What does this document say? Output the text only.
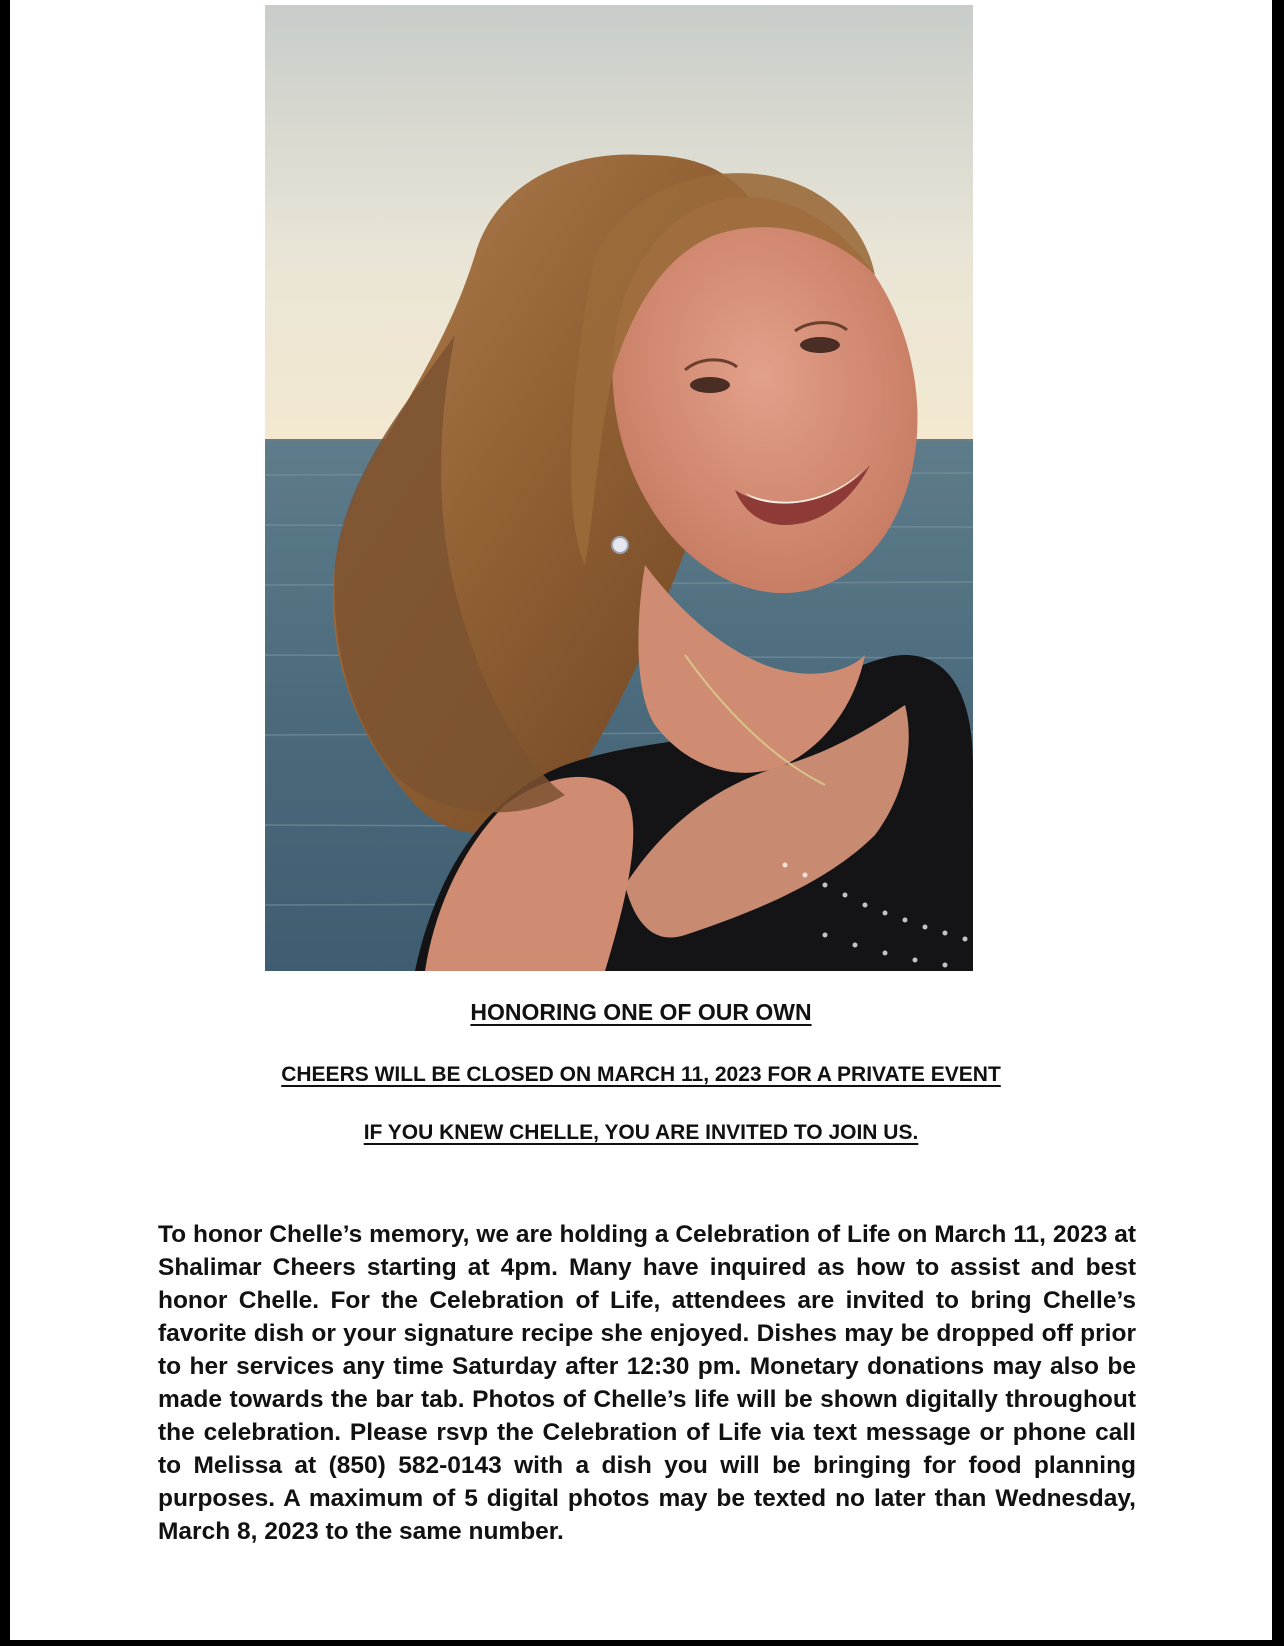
HONORING ONE OF OUR OWN
CHEERS WILL BE CLOSED ON MARCH 11, 2023 FOR A PRIVATE EVENT
IF YOU KNEW CHELLE, YOU ARE INVITED TO JOIN US.

To honor Chelle’s memory, we are holding a Celebration of Life on March 11, 2023 at Shalimar Cheers starting at 4pm. Many have inquired as how to assist and best honor Chelle. For the Celebration of Life, attendees are invited to bring Chelle’s favorite dish or your signature recipe she enjoyed. Dishes may be dropped off prior to her services any time Saturday after 12:30 pm. Monetary donations may also be made towards the bar tab. Photos of Chelle’s life will be shown digitally throughout the celebration. Please rsvp the Celebration of Life via text message or phone call to Melissa at (850) 582-0143 with a dish you will be bringing for food planning purposes. A maximum of 5 digital photos may be texted no later than Wednesday, March 8, 2023 to the same number.
